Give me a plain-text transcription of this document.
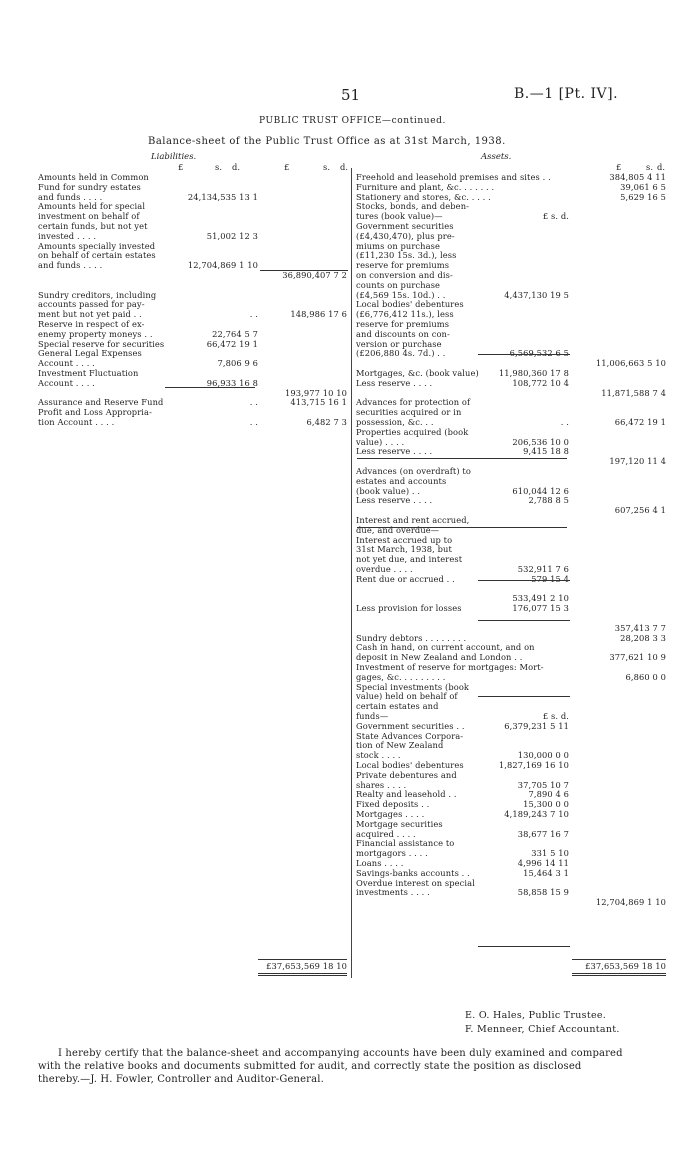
51	B.—1 [Pt. IV].
PUBLIC TRUST OFFICE—continued.
Balance-sheet of the Public Trust Office as at 31st March, 1938.
Liabilities.	Assets.
£	s. d.	£	s. d.	£	s. d.
Amounts held in Common
Fund for sundry estates
and funds . . . .	24,134,535 13 1
Amounts held for special
investment on behalf of
certain funds, but not yet
invested . . . .	51,002 12 3
Amounts specially invested
on behalf of certain estates
and funds . . . .	12,704,869 1 10
36,890,407 7 2
Sundry creditors, including
accounts passed for pay-
ment but not yet paid . .	. .	148,986 17 6
Reserve in respect of ex-
enemy property moneys . .	22,764 5 7
Special reserve for securities	66,472 19 1
General Legal Expenses
Account . . . .	7,806 9 6
Investment Fluctuation
Account . . . .	96,933 16 8
193,977 10 10
Assurance and Reserve Fund	. .	413,715 16 1
Profit and Loss Appropria-
tion Account . . . .	. .	6,482 7 3
Freehold and leasehold premises and sites . .	384,805 4 11
Furniture and plant, &c. . . . . . .	39,061 6 5
Stationery and stores, &c. . . . .	5,629 16 5
Stocks, bonds, and deben-
tures (book value)—	£ s. d.
Government securities
(£4,430,470), plus pre-
miums on purchase
(£11,230 15s. 3d.), less
reserve for premiums
on conversion and dis-
counts on purchase
(£4,569 15s. 10d.) . .	4,437,130 19 5
Local bodies' debentures
(£6,776,412 11s.), less
reserve for premiums
and discounts on con-
version or purchase
(£206,880 4s. 7d.) . .	6,569,532 6 5
11,006,663 5 10
Mortgages, &c. (book value)	11,980,360 17 8
Less reserve . . . .	108,772 10 4
11,871,588 7 4
Advances for protection of
securities acquired or in
possession, &c. . .	. .	66,472 19 1
Properties acquired (book
value) . . . .	206,536 10 0
Less reserve . . . .	9,415 18 8
197,120 11 4
Advances (on overdraft) to
estates and accounts
(book value) . .	610,044 12 6
Less reserve . . . .	2,788 8 5
607,256 4 1
Interest and rent accrued,
due, and overdue—
Interest accrued up to
31st March, 1938, but
not yet due, and interest
overdue . . . .	532,911 7 6
Rent due or accrued . .	579 15 4
533,491 2 10
Less provision for losses	176,077 15 3
357,413 7 7
Sundry debtors . . . . . . . .	28,208 3 3
Cash in hand, on current account, and on
deposit in New Zealand and London . .	377,621 10 9
Investment of reserve for mortgages: Mort-
gages, &c. . . . . . . . .	6,860 0 0
Special investments (book
value) held on behalf of
certain estates and
funds—	£ s. d.
Government securities . .	6,379,231 5 11
State Advances Corpora-
tion of New Zealand
stock . . . .	130,000 0 0
Local bodies' debentures	1,827,169 16 10
Private debentures and
shares . . . .	37,705 10 7
Realty and leasehold . .	7,890 4 6
Fixed deposits . .	15,300 0 0
Mortgages . . . .	4,189,243 7 10
Mortgage securities
acquired . . . .	38,677 16 7
Financial assistance to
mortgagors . . . .	331 5 10
Loans . . . .	4,996 14 11
Savings-banks accounts . .	15,464 3 1
Overdue interest on special
investments . . . .	58,858 15 9
12,704,869 1 10
£37,653,569 18 10	£37,653,569 18 10
E. O. Hales, Public Trustee.
F. Menneer, Chief Accountant.
I hereby certify that the balance-sheet and accompanying accounts have been duly examined and compared
with the relative books and documents submitted for audit, and correctly state the position as disclosed
thereby.—J. H. Fowler, Controller and Auditor-General.
